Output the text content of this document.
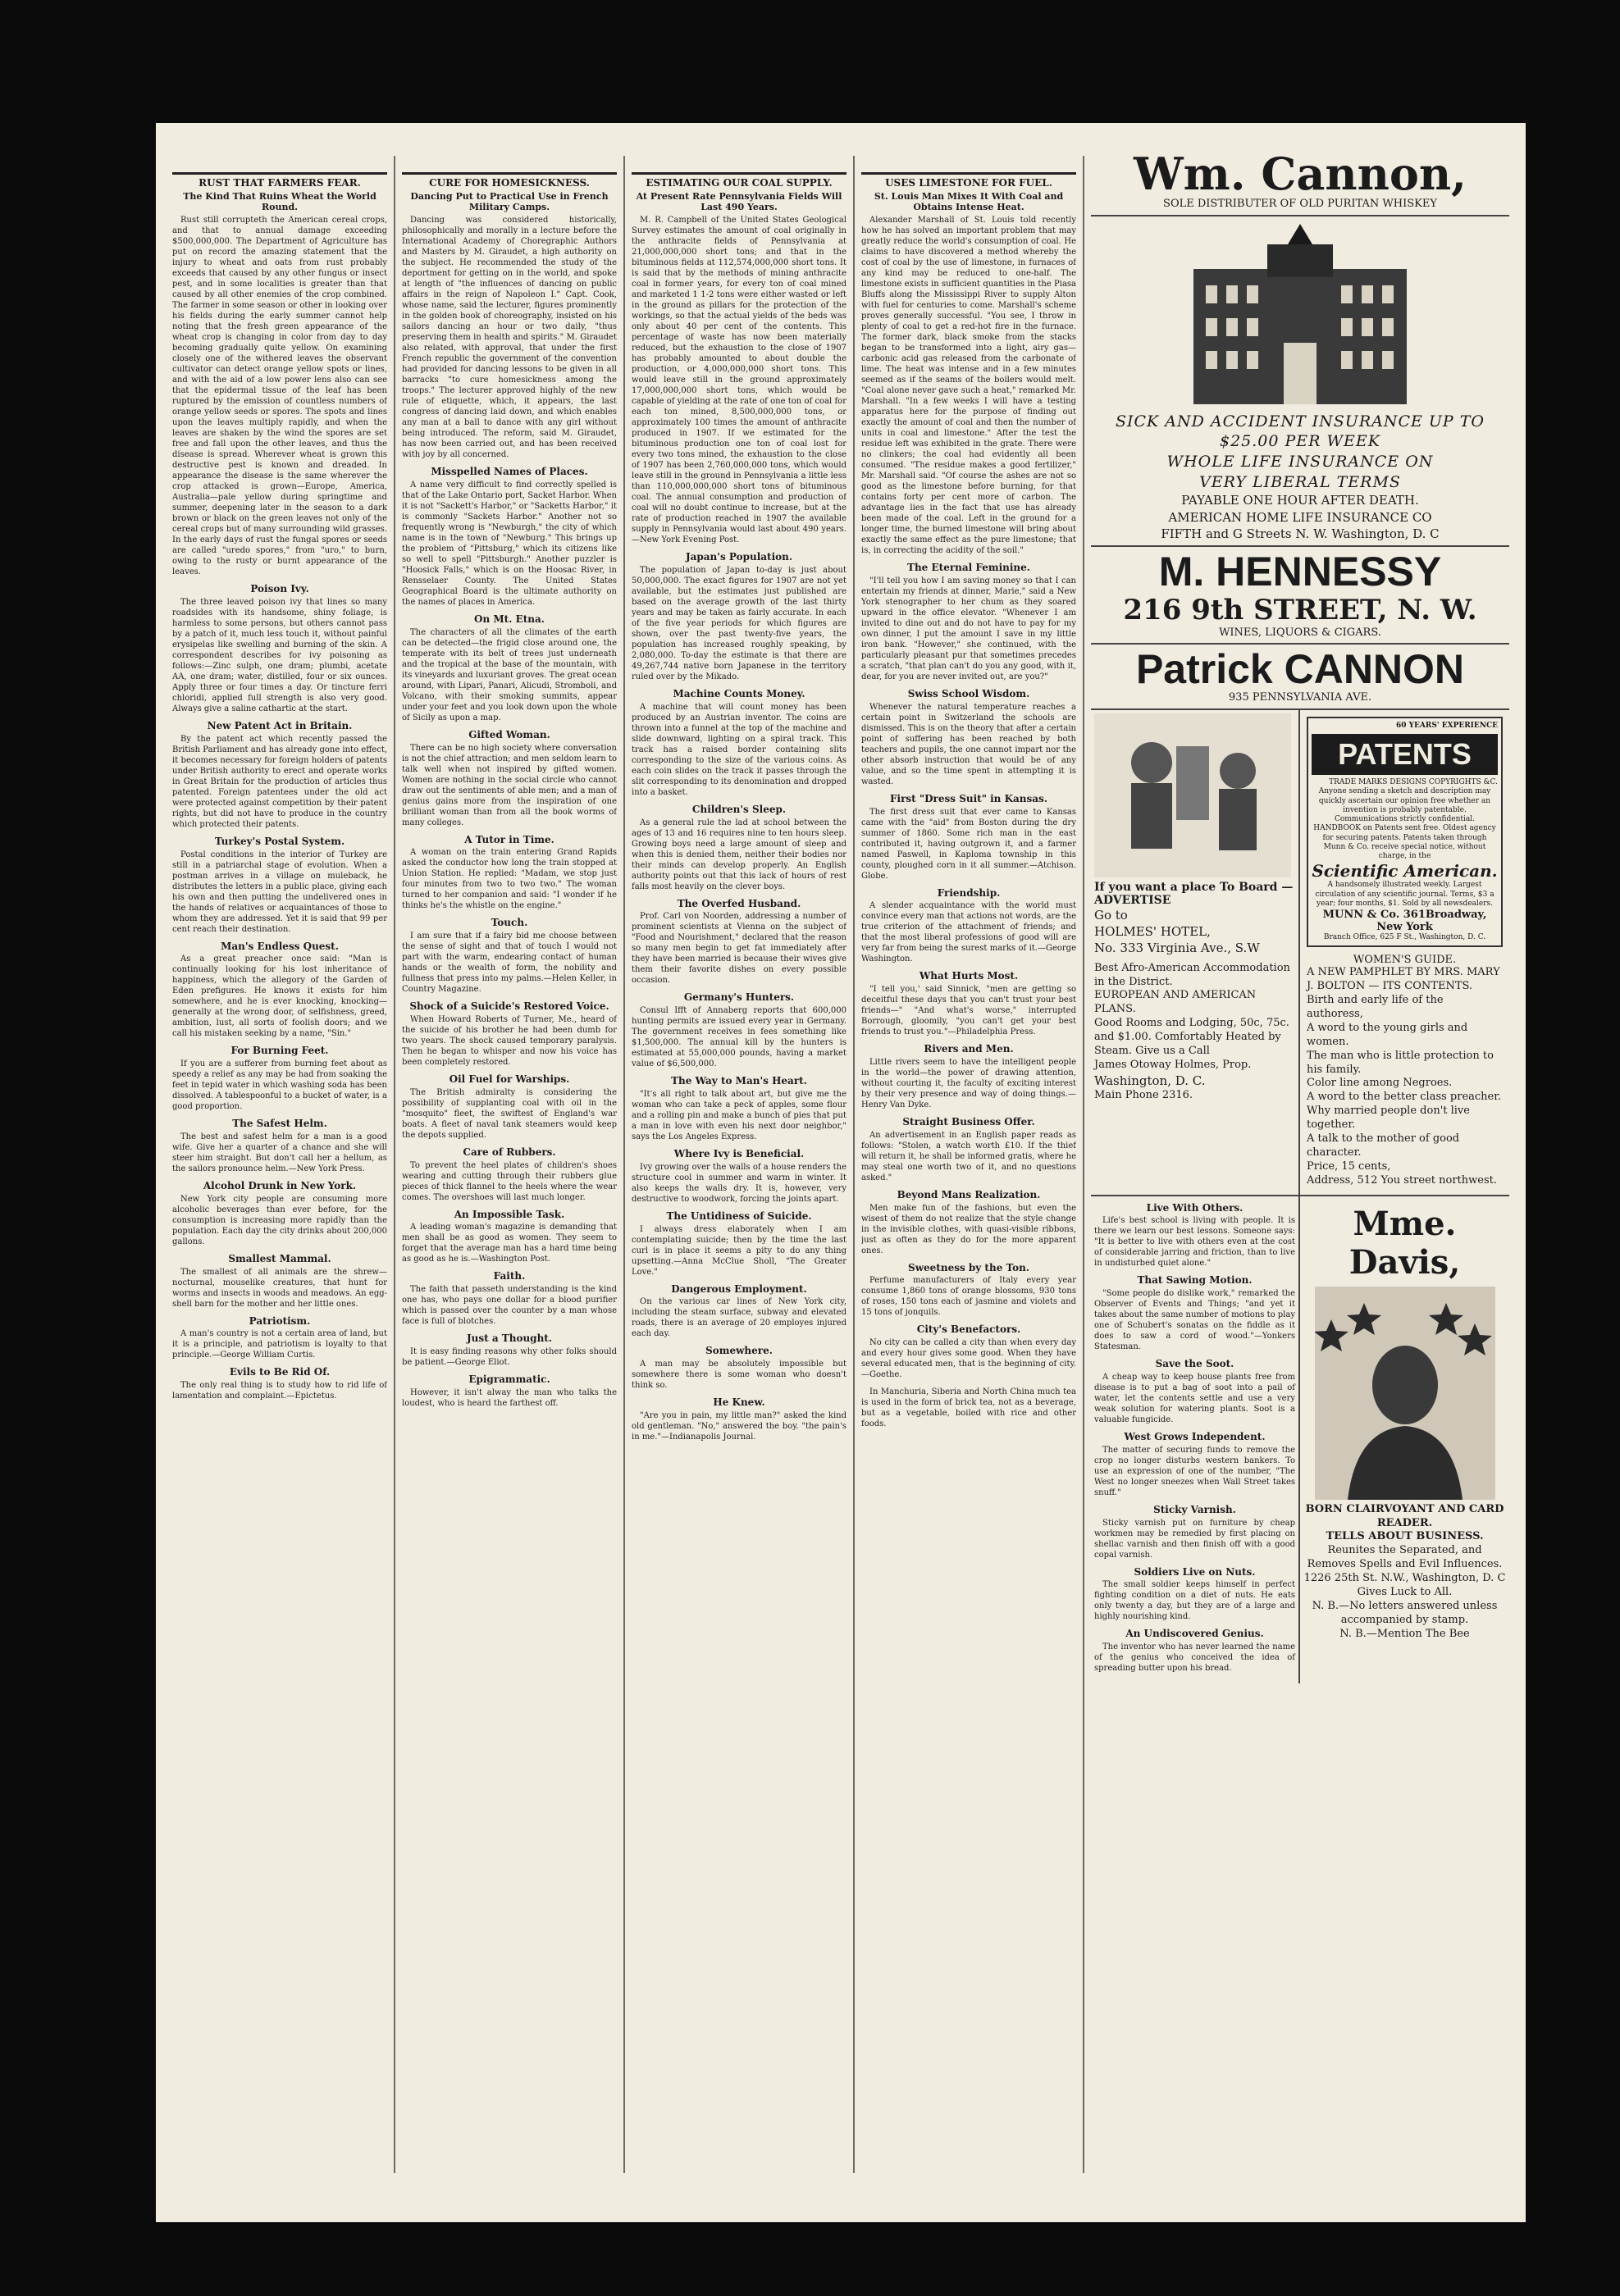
RUST THAT FARMERS FEAR.
The Kind That Ruins Wheat the World Round.

Rust still corrupteth the American cereal crops, and that to annual damage exceeding $500,000,000. The Department of Agriculture has put on record the amazing statement that the injury to wheat and oats from rust probably exceeds that caused by any other fungus or insect pest, and in some localities is greater than that caused by all other enemies of the crop combined. The farmer in some season or other in looking over his fields during the early summer cannot help noting that the fresh green appearance of the wheat crop is changing in color from day to day becoming gradually quite yellow. On examining closely one of the withered leaves the observant cultivator can detect orange yellow spots or lines, and with the aid of a low power lens also can see that the epidermal tissue of the leaf has been ruptured by the emission of countless numbers of orange yellow seeds or spores. The spots and lines upon the leaves multiply rapidly, and when the leaves are shaken by the wind the spores are set free and fall upon the other leaves, and thus the disease is spread. Wherever wheat is grown this destructive pest is known and dreaded. In appearance the disease is the same wherever the crop attacked is grown—Europe, America, Australia—pale yellow during springtime and summer, deepening later in the season to a dark brown or black on the green leaves not only of the cereal crops but of many surrounding wild grasses. In the early days of rust the fungal spores or seeds are called "uredo spores," from "uro," to burn, owing to the rusty or burnt appearance of the leaves.

Poison Ivy.

The three leaved poison ivy that lines so many roadsides with its handsome, shiny foliage, is harmless to some persons, but others cannot pass by a patch of it, much less touch it, without painful erysipelas like swelling and burning of the skin. A correspondent describes for ivy poisoning as follows:—Zinc sulph, one dram; plumbi, acetate AA, one dram; water, distilled, four or six ounces. Apply three or four times a day. Or tincture ferri chloridi, applied full strength is also very good. Always give a saline cathartic at the start.

New Patent Act in Britain.

By the patent act which recently passed the British Parliament and has already gone into effect, it becomes necessary for foreign holders of patents under British authority to erect and operate works in Great Britain for the production of articles thus patented. Foreign patentees under the old act were protected against competition by their patent rights, but did not have to produce in the country which protected their patents.

Turkey's Postal System.

Postal conditions in the interior of Turkey are still in a patriarchal stage of evolution. When a postman arrives in a village on muleback, he distributes the letters in a public place, giving each his own and then putting the undelivered ones in the hands of relatives or acquaintances of those to whom they are addressed. Yet it is said that 99 per cent reach their destination.

Man's Endless Quest.

As a great preacher once said: "Man is continually looking for his lost inheritance of happiness, which the allegory of the Garden of Eden prefigures. He knows it exists for him somewhere, and he is ever knocking, knocking—generally at the wrong door, of selfishness, greed, ambition, lust, all sorts of foolish doors; and we call his mistaken seeking by a name, "Sin."

For Burning Feet.

If you are a sufferer from burning feet about as speedy a relief as any may be had from soaking the feet in tepid water in which washing soda has been dissolved. A tablespoonful to a bucket of water, is a good proportion.

The Safest Helm.

The best and safest helm for a man is a good wife. Give her a quarter of a chance and she will steer him straight. But don't call her a hellum, as the sailors pronounce helm.—New York Press.

Alcohol Drunk in New York.

New York city people are consuming more alcoholic beverages than ever before, for the consumption is increasing more rapidly than the population. Each day the city drinks about 200,000 gallons.

Smallest Mammal.

The smallest of all animals are the shrew—nocturnal, mouselike creatures, that hunt for worms and insects in woods and meadows. An egg-shell barn for the mother and her little ones.

Patriotism.

A man's country is not a certain area of land, but it is a principle, and patriotism is loyalty to that principle.—George William Curtis.

Evils to Be Rid Of.

The only real thing is to study how to rid life of lamentation and complaint.—Epictetus.

CURE FOR HOMESICKNESS.
Dancing Put to Practical Use in French Military Camps.

Dancing was considered historically, philosophically and morally in a lecture before the International Academy of Choregraphic Authors and Masters by M. Giraudet, a high authority on the subject. He recommended the study of the deportment for getting on in the world, and spoke at length of "the influences of dancing on public affairs in the reign of Napoleon I." Capt. Cook, whose name, said the lecturer, figures prominently in the golden book of choreography, insisted on his sailors dancing an hour or two daily, "thus preserving them in health and spirits." M. Giraudet also related, with approval, that under the first French republic the government of the convention had provided for dancing lessons to be given in all barracks "to cure homesickness among the troops." The lecturer approved highly of the new rule of etiquette, which, it appears, the last congress of dancing laid down, and which enables any man at a ball to dance with any girl without being introduced. The reform, said M. Giraudet, has now been carried out, and has been received with joy by all concerned.

Misspelled Names of Places.

A name very difficult to find correctly spelled is that of the Lake Ontario port, Sacket Harbor. When it is not "Sackett's Harbor," or "Sacketts Harbor," it is commonly "Sackets Harbor." Another not so frequently wrong is "Newburgh," the city of which name is in the town of "Newburg." This brings up the problem of "Pittsburg," which its citizens like so well to spell "Pittsburgh." Another puzzler is "Hoosick Falls," which is on the Hoosac River, in Rensselaer County. The United States Geographical Board is the ultimate authority on the names of places in America.

On Mt. Etna.

The characters of all the climates of the earth can be detected—the frigid close around one, the temperate with its belt of trees just underneath and the tropical at the base of the mountain, with its vineyards and luxuriant groves. The great ocean around, with Lipari, Panari, Alicudi, Stromboli, and Volcano, with their smoking summits, appear under your feet and you look down upon the whole of Sicily as upon a map.

Gifted Woman.

There can be no high society where conversation is not the chief attraction; and men seldom learn to talk well when not inspired by gifted women. Women are nothing in the social circle who cannot draw out the sentiments of able men; and a man of genius gains more from the inspiration of one brilliant woman than from all the book worms of many colleges.

A Tutor in Time.

A woman on the train entering Grand Rapids asked the conductor how long the train stopped at Union Station. He replied: "Madam, we stop just four minutes from two to two two." The woman turned to her companion and said: "I wonder if he thinks he's the whistle on the engine."

Touch.

I am sure that if a fairy bid me choose between the sense of sight and that of touch I would not part with the warm, endearing contact of human hands or the wealth of form, the nobility and fullness that press into my palms.—Helen Keller, in Country Magazine.

Shock of a Suicide's Restored Voice.

When Howard Roberts of Turner, Me., heard of the suicide of his brother he had been dumb for two years. The shock caused temporary paralysis. Then he began to whisper and now his voice has been completely restored.

Oil Fuel for Warships.

The British admiralty is considering the possibility of supplanting coal with oil in the "mosquito" fleet, the swiftest of England's war boats. A fleet of naval tank steamers would keep the depots supplied.

Care of Rubbers.

To prevent the heel plates of children's shoes wearing and cutting through their rubbers glue pieces of thick flannel to the heels where the wear comes. The overshoes will last much longer.

An Impossible Task.

A leading woman's magazine is demanding that men shall be as good as women. They seem to forget that the average man has a hard time being as good as he is.—Washington Post.

Faith.

The faith that passeth understanding is the kind one has, who pays one dollar for a blood purifier which is passed over the counter by a man whose face is full of blotches.

Just a Thought.

It is easy finding reasons why other folks should be patient.—George Eliot.

Epigrammatic.

However, it isn't alway the man who talks the loudest, who is heard the farthest off.

ESTIMATING OUR COAL SUPPLY.
At Present Rate Pennsylvania Fields Will Last 490 Years.

M. R. Campbell of the United States Geological Survey estimates the amount of coal originally in the anthracite fields of Pennsylvania at 21,000,000,000 short tons; and that in the bituminous fields at 112,574,000,000 short tons. It is said that by the methods of mining anthracite coal in former years, for every ton of coal mined and marketed 1 1-2 tons were either wasted or left in the ground as pillars for the protection of the workings, so that the actual yields of the beds was only about 40 per cent of the contents. This percentage of waste has now been materially reduced, but the exhaustion to the close of 1907 has probably amounted to about double the production, or 4,000,000,000 short tons. This would leave still in the ground approximately 17,000,000,000 short tons, which would be capable of yielding at the rate of one ton of coal for each ton mined, 8,500,000,000 tons, or approximately 100 times the amount of anthracite produced in 1907. If we estimated for the bituminous production one ton of coal lost for every two tons mined, the exhaustion to the close of 1907 has been 2,760,000,000 tons, which would leave still in the ground in Pennsylvania a little less than 110,000,000,000 short tons of bituminous coal. The annual consumption and production of coal will no doubt continue to increase, but at the rate of production reached in 1907 the available supply in Pennsylvania would last about 490 years.—New York Evening Post.

Japan's Population.

The population of Japan to-day is just about 50,000,000. The exact figures for 1907 are not yet available, but the estimates just published are based on the average growth of the last thirty years and may be taken as fairly accurate. In each of the five year periods for which figures are shown, over the past twenty-five years, the population has increased roughly speaking, by 2,080,000. To-day the estimate is that there are 49,267,744 native born Japanese in the territory ruled over by the Mikado.

Machine Counts Money.

A machine that will count money has been produced by an Austrian inventor. The coins are thrown into a funnel at the top of the machine and slide downward, lighting on a spiral track. This track has a raised border containing slits corresponding to the size of the various coins. As each coin slides on the track it passes through the slit corresponding to its denomination and dropped into a basket.

Children's Sleep.

As a general rule the lad at school between the ages of 13 and 16 requires nine to ten hours sleep. Growing boys need a large amount of sleep and when this is denied them, neither their bodies nor their minds can develop properly. An English authority points out that this lack of hours of rest falls most heavily on the clever boys.

The Overfed Husband.

Prof. Carl von Noorden, addressing a number of prominent scientists at Vienna on the subject of "Food and Nourishment," declared that the reason so many men begin to get fat immediately after they have been married is because their wives give them their favorite dishes on every possible occasion.

Germany's Hunters.

Consul Ifft of Annaberg reports that 600,000 hunting permits are issued every year in Germany. The government receives in fees something like $1,500,000. The annual kill by the hunters is estimated at 55,000,000 pounds, having a market value of $6,500,000.

The Way to Man's Heart.

"It's all right to talk about art, but give me the woman who can take a peck of apples, some flour and a rolling pin and make a bunch of pies that put a man in love with even his next door neighbor," says the Los Angeles Express.

Where Ivy is Beneficial.

Ivy growing over the walls of a house renders the structure cool in summer and warm in winter. It also keeps the walls dry. It is, however, very destructive to woodwork, forcing the joints apart.

The Untidiness of Suicide.

I always dress elaborately when I am contemplating suicide; then by the time the last curl is in place it seems a pity to do any thing upsetting.—Anna McClue Sholl, "The Greater Love."

Dangerous Employment.

On the various car lines of New York city, including the steam surface, subway and elevated roads, there is an average of 20 employes injured each day.

Somewhere.

A man may be absolutely impossible but somewhere there is some woman who doesn't think so.

He Knew.

"Are you in pain, my little man?" asked the kind old gentleman. "No," answered the boy. "the pain's in me."—Indianapolis Journal.

USES LIMESTONE FOR FUEL.
St. Louis Man Mixes It With Coal and Obtains Intense Heat.

Alexander Marshall of St. Louis told recently how he has solved an important problem that may greatly reduce the world's consumption of coal. He claims to have discovered a method whereby the cost of coal by the use of limestone, in furnaces of any kind may be reduced to one-half. The limestone exists in sufficient quantities in the Piasa Bluffs along the Mississippi River to supply Alton with fuel for centuries to come. Marshall's scheme proves generally successful. "You see, I throw in plenty of coal to get a red-hot fire in the furnace. The former dark, black smoke from the stacks began to be transformed into a light, airy gas—carbonic acid gas released from the carbonate of lime. The heat was intense and in a few minutes seemed as if the seams of the boilers would melt. "Coal alone never gave such a heat," remarked Mr. Marshall. "In a few weeks I will have a testing apparatus here for the purpose of finding out exactly the amount of coal and then the number of units in coal and limestone." After the test the residue left was exhibited in the grate. There were no clinkers; the coal had evidently all been consumed. "The residue makes a good fertilizer," Mr. Marshall said. "Of course the ashes are not so good as the limestone before burning, for that contains forty per cent more of carbon. The advantage lies in the fact that use has already been made of the coal. Left in the ground for a longer time, the burned limestone will bring about exactly the same effect as the pure limestone; that is, in correcting the acidity of the soil."

The Eternal Feminine.

"I'll tell you how I am saving money so that I can entertain my friends at dinner, Marie," said a New York stenographer to her chum as they soared upward in the office elevator. "Whenever I am invited to dine out and do not have to pay for my own dinner, I put the amount I save in my little iron bank. "However," she continued, with the particularly pleasant pur that sometimes precedes a scratch, "that plan can't do you any good, with it, dear, for you are never invited out, are you?"

Swiss School Wisdom.

Whenever the natural temperature reaches a certain point in Switzerland the schools are dismissed. This is on the theory that after a certain point of suffering has been reached by both teachers and pupils, the one cannot impart nor the other absorb instruction that would be of any value, and so the time spent in attempting it is wasted.

First "Dress Suit" in Kansas.

The first dress suit that ever came to Kansas came with the "aid" from Boston during the dry summer of 1860. Some rich man in the east contributed it, having outgrown it, and a farmer named Paswell, in Kaploma township in this county, ploughed corn in it all summer.—Atchison. Globe.

Friendship.

A slender acquaintance with the world must convince every man that actions not words, are the true criterion of the attachment of friends; and that the most liberal professions of good will are very far from being the surest marks of it.—George Washington.

What Hurts Most.

"I tell you,' said Sinnick, "men are getting so deceitful these days that you can't trust your best friends—" "And what's worse," interrupted Borrough, gloomily, "you can't get your best friends to trust you."—Philadelphia Press.

Rivers and Men.

Little rivers seem to have the intelligent people in the world—the power of drawing attention, without courting it, the faculty of exciting interest by their very presence and way of doing things.—Henry Van Dyke.

Straight Business Offer.

An advertisement in an English paper reads as follows: "Stolen, a watch worth £10. If the thief will return it, he shall be informed gratis, where he may steal one worth two of it, and no questions asked."

Beyond Mans Realization.

Men make fun of the fashions, but even the wisest of them do not realize that the style change in the invisible clothes, with quasi-visible ribbons, just as often as they do for the more apparent ones.

Sweetness by the Ton.

Perfume manufacturers of Italy every year consume 1,860 tons of orange blossoms, 930 tons of roses, 150 tons each of jasmine and violets and 15 tons of jonquils.

City's Benefactors.

No city can be called a city than when every day and every hour gives some good. When they have several educated men, that is the beginning of city.—Goethe.

In Manchuria, Siberia and North China much tea is used in the form of brick tea, not as a beverage, but as a vegetable, boiled with rice and other foods.

Wm. Cannon,
SOLE DISTRIBUTER OF OLD PURITAN WHISKEY
SICK AND ACCIDENT INSURANCE UP TO $25.00 PER WEEK
WHOLE LIFE INSURANCE ON
VERY LIBERAL TERMS
PAYABLE ONE HOUR AFTER DEATH.
AMERICAN HOME LIFE INSURANCE CO
FIFTH and G Streets N. W. Washington, D. C
M. HENNESSY
216 9th STREET, N. W.
WINES, LIQUORS & CIGARS.
Patrick CANNON
935 PENNSYLVANIA AVE.
If you want a place To Board — ADVERTISE
Go to
HOLMES' HOTEL,
No. 333 Virginia Ave., S.W
Best Afro-American Accommodation in the District.
EUROPEAN AND AMERICAN PLANS.
Good Rooms and Lodging, 50c, 75c. and $1.00. Comfortably Heated by Steam. Give us a Call
James Otoway Holmes, Prop.
Washington, D. C.
Main Phone 2316.
60 YEARS' EXPERIENCE
PATENTS
TRADE MARKS DESIGNS COPYRIGHTS &C.
Anyone sending a sketch and description may quickly ascertain our opinion free whether an invention is probably patentable. Communications strictly confidential. HANDBOOK on Patents sent free. Oldest agency for securing patents. Patents taken through Munn & Co. receive special notice, without charge, in the
Scientific American.
A handsomely illustrated weekly. Largest circulation of any scientific journal. Terms, $3 a year; four months, $1. Sold by all newsdealers.
MUNN & Co. 361Broadway, New York
Branch Office, 625 F St., Washington, D. C.
WOMEN'S GUIDE.
A NEW PAMPHLET BY MRS. MARY J. BOLTON — ITS CONTENTS.
Birth and early life of the authoress,
A word to the young girls and women.
The man who is little protection to his family.
Color line among Negroes.
A word to the better class preacher.
Why married people don't live together.
A talk to the mother of good character.
Price, 15 cents,
Address, 512 You street northwest.
Live With Others.

Life's best school is living with people. It is there we learn our best lessons. Someone says: "It is better to live with others even at the cost of considerable jarring and friction, than to live in undisturbed quiet alone."

That Sawing Motion.

"Some people do dislike work," remarked the Observer of Events and Things; "and yet it takes about the same number of motions to play one of Schubert's sonatas on the fiddle as it does to saw a cord of wood."—Yonkers Statesman.

Save the Soot.

A cheap way to keep house plants free from disease is to put a bag of soot into a pail of water, let the contents settle and use a very weak solution for watering plants. Soot is a valuable fungicide.

West Grows Independent.

The matter of securing funds to remove the crop no longer disturbs western bankers. To use an expression of one of the number, "The West no longer sneezes when Wall Street takes snuff."

Sticky Varnish.

Sticky varnish put on furniture by cheap workmen may be remedied by first placing on shellac varnish and then finish off with a good copal varnish.

Soldiers Live on Nuts.

The small soldier keeps himself in perfect fighting condition on a diet of nuts. He eats only twenty a day, but they are of a large and highly nourishing kind.

An Undiscovered Genius.

The inventor who has never learned the name of the genius who conceived the idea of spreading butter upon his bread.

Mme. Davis,
BORN CLAIRVOYANT AND CARD READER.
TELLS ABOUT BUSINESS.
Reunites the Separated, and Removes Spells and Evil Influences.
1226 25th St. N.W., Washington, D. C
Gives Luck to All.
N. B.—No letters answered unless accompanied by stamp.
N. B.—Mention The Bee
